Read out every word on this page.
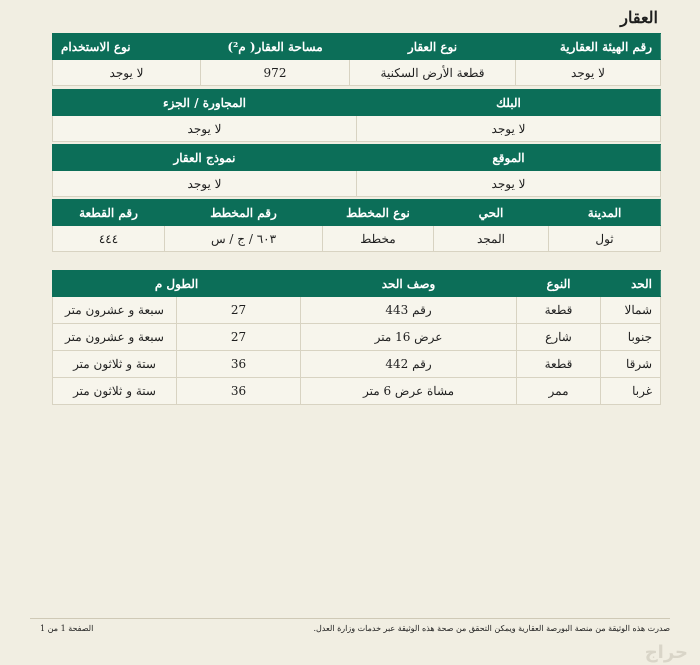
العقار
رقم الهيئة العقارية	نوع العقار	مساحة العقار( م²)	نوع الاستخدام
لا يوجد	قطعة الأرض السكنية	972	لا يوجد
البلك	المجاورة / الجزء
لا يوجد	لا يوجد
الموقع	نموذج العقار
لا يوجد	لا يوجد
المدينة	الحي	نوع المخطط	رقم المخطط	رقم القطعة
ثول	المجد	مخطط	٦٠٣ / ج / س	٤٤٤
الحد	النوع	وصف الحد	الطول م	
شمالا	قطعة	رقم 443	27	سبعة و عشرون متر
جنوبا	شارع	عرض 16 متر	27	سبعة و عشرون متر
شرقا	قطعة	رقم 442	36	ستة و ثلاثون متر
غربا	ممر	مشاة عرض 6 متر	36	ستة و ثلاثون متر
صدرت هذه الوثيقة من منصة البورصة العقارية ويمكن التحقق من صحة هذه الوثيقة عبر خدمات وزارة العدل.
الصفحة 1 من 1
حراج
